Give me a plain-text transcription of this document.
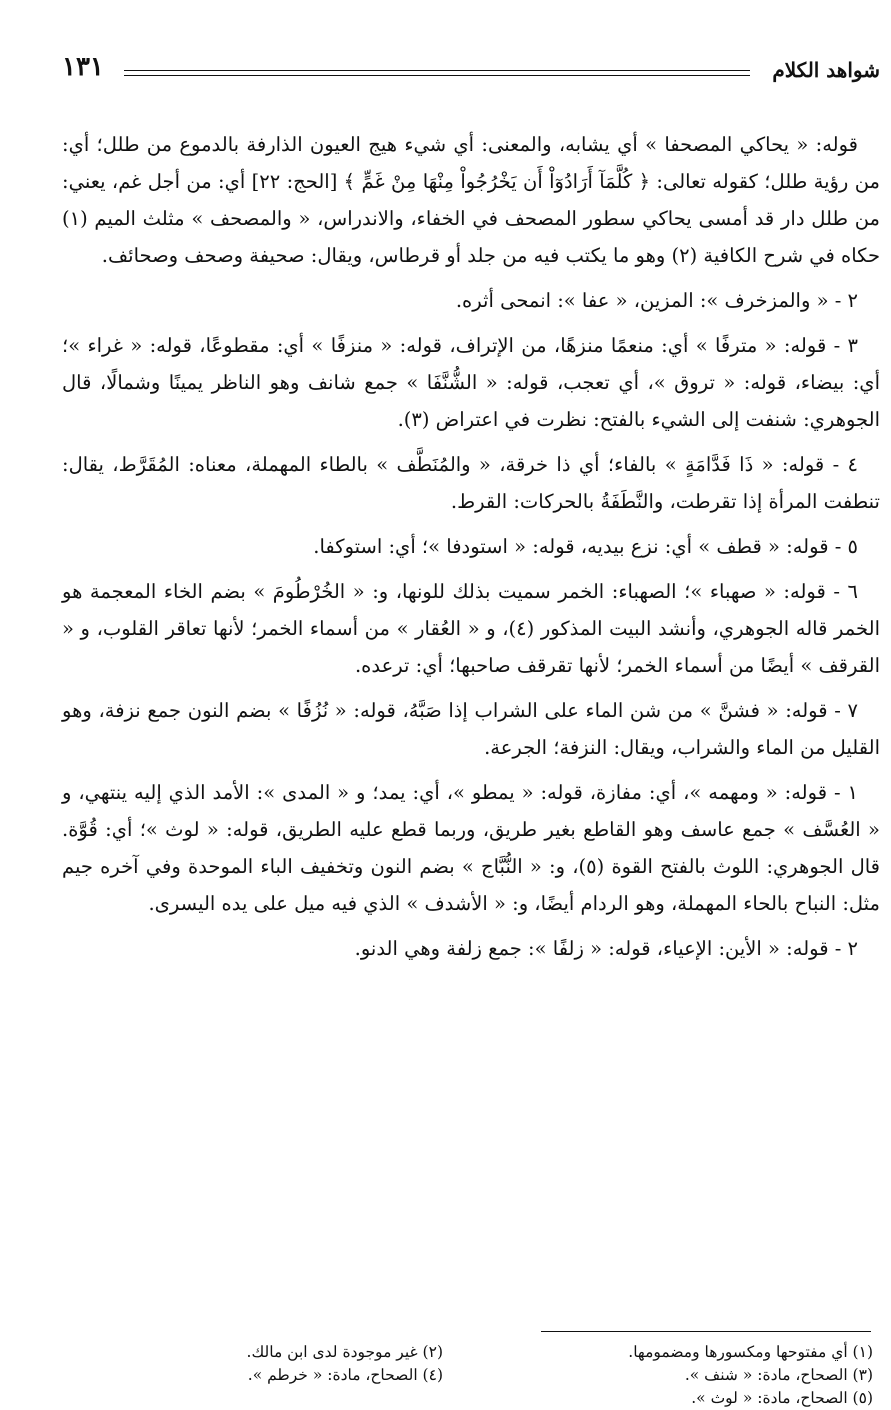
شواهد الكلام
١٣١

قوله: « يحاكي المصحفا » أي يشابه، والمعنى: أي شيء هيج العيون الذارفة بالدموع من طلل؛ أي: من رؤية طلل؛ كقوله تعالى: ﴿ كُلَّمَآ أَرَادُوٓاْ أَن يَخْرُجُواْ مِنْهَا مِنْ غَمٍّ ﴾ [الحج: ٢٢] أي: من أجل غم، يعني: من طلل دار قد أمسى يحاكي سطور المصحف في الخفاء، والاندراس، « والمصحف » مثلث الميم (١) حكاه في شرح الكافية (٢) وهو ما يكتب فيه من جلد أو قرطاس، ويقال: صحيفة وصحف وصحائف.

٢ - « والمزخرف »: المزين، « عفا »: انمحى أثره.

٣ - قوله: « مترفًا » أي: منعمًا منزهًا، من الإتراف، قوله: « منزفًا » أي: مقطوعًا، قوله: « غراء »؛ أي: بيضاء، قوله: « تروق »، أي تعجب، قوله: « الشُّنَّفَا » جمع شانف وهو الناظر يمينًا وشمالًا، قال الجوهري: شنفت إلى الشيء بالفتح: نظرت في اعتراض (٣).

٤ - قوله: « ذَا فَدَّامَةٍ » بالفاء؛ أي ذا خرقة، « والمُنَطَّف » بالطاء المهملة، معناه: المُقَرَّط، يقال: تنطفت المرأة إذا تقرطت، والنَّطَفَةُ بالحركات: القرط.

٥ - قوله: « قطف » أي: نزع بيديه، قوله: « استودفا »؛ أي: استوكفا.

٦ - قوله: « صهباء »؛ الصهباء: الخمر سميت بذلك للونها، و: « الخُرْطُومَ » بضم الخاء المعجمة هو الخمر قاله الجوهري، وأنشد البيت المذكور (٤)، و « العُقار » من أسماء الخمر؛ لأنها تعاقر القلوب، و « القرقف » أيضًا من أسماء الخمر؛ لأنها تقرقف صاحبها؛ أي: ترعده.

٧ - قوله: « فشنَّ » من شن الماء على الشراب إذا صَبَّهُ، قوله: « نُزُفًا » بضم النون جمع نزفة، وهو القليل من الماء والشراب، ويقال: النزفة؛ الجرعة.

١ - قوله: « ومهمه »، أي: مفازة، قوله: « يمطو »، أي: يمد؛ و « المدى »: الأمد الذي إليه ينتهي، و « العُسَّف » جمع عاسف وهو القاطع بغير طريق، وربما قطع عليه الطريق، قوله: « لوث »؛ أي: قُوَّة. قال الجوهري: اللوث بالفتح القوة (٥)، و: « النُّبَّاج » بضم النون وتخفيف الباء الموحدة وفي آخره جيم مثل: النباح بالحاء المهملة، وهو الردام أيضًا، و: « الأشدف » الذي فيه ميل على يده اليسرى.

٢ - قوله: « الأين: الإعياء، قوله: « زلفًا »: جمع زلفة وهي الدنو.

(١) أي مفتوحها ومكسورها ومضمومها.
(٣) الصحاح، مادة: « شنف ».
(٥) الصحاح، مادة: « لوث ».
(٢) غير موجودة لدى ابن مالك.
(٤) الصحاح، مادة: « خرطم ».
